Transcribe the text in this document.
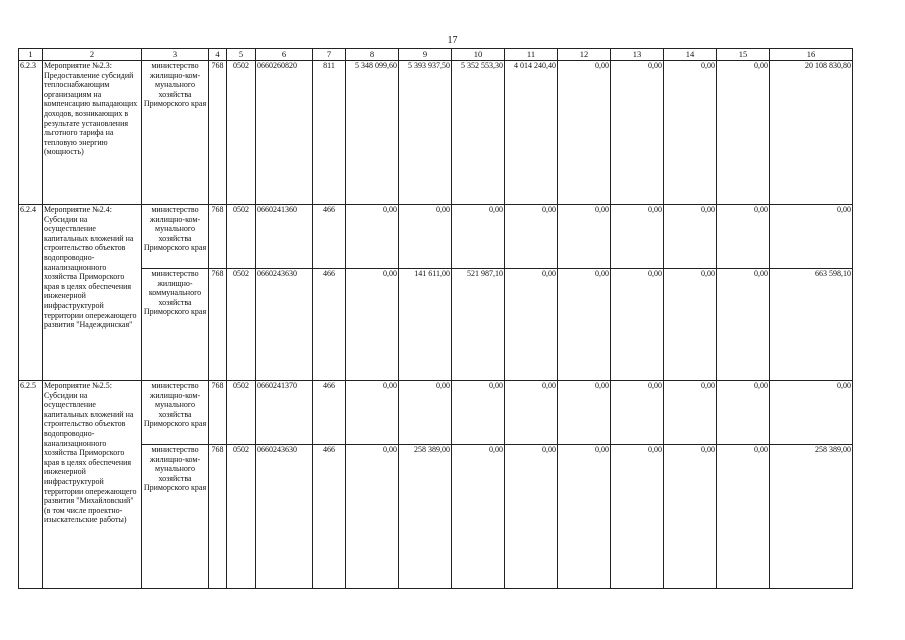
17
1	2	3	4	5	6	7	8	9	10	11	12	13	14	15	16
6.2.3	Мероприятие №2.3: Предоставление субсидий теплоснабжающим организациям на компенсацию выпадающих доходов, возникающих в результате установления льготного тарифа на тепловую энергию (мощность)	министерство жилищно-ком-мунального хозяйства Приморского края	768	0502	0660260820	811	5 348 099,60	5 393 937,50	5 352 553,30	4 014 240,40	0,00	0,00	0,00	0,00	20 108 830,80
6.2.4	Мероприятие №2.4: Субсидии на осуществление капитальных вложений на строительство объектов водопроводно-канализационного хозяйства Приморского края в целях обеспечения инженерной инфраструктурой территории опережающего развития "Надеждинская"	министерство жилищно-ком-мунального хозяйства Приморского края	768	0502	0660241360	466	0,00	0,00	0,00	0,00	0,00	0,00	0,00	0,00	0,00
		министерство жилищно-коммунального хозяйства Приморского края	768	0502	0660243630	466	0,00	141 611,00	521 987,10	0,00	0,00	0,00	0,00	0,00	663 598,10
6.2.5	Мероприятие №2.5: Субсидии на осуществление капитальных вложений на строительство объектов водопроводно-канализационного хозяйства Приморского края в целях обеспечения инженерной инфраструктурой территории опережающего развития "Михайловский" (в том числе проектно-изыскательские работы)	министерство жилищно-ком-мунального хозяйства Приморского края	768	0502	0660241370	466	0,00	0,00	0,00	0,00	0,00	0,00	0,00	0,00	0,00
		министерство жилищно-ком-мунального хозяйства Приморского края	768	0502	0660243630	466	0,00	258 389,00	0,00	0,00	0,00	0,00	0,00	0,00	258 389,00
